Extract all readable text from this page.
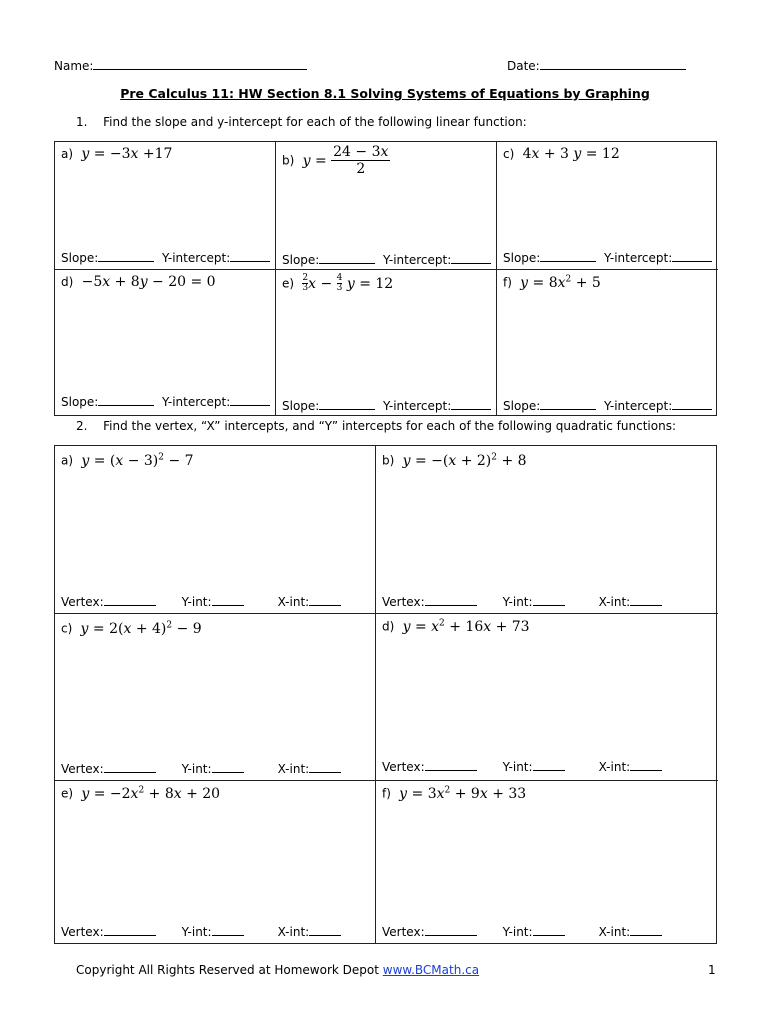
Name:	Date:
Pre Calculus 11: HW Section 8.1 Solving Systems of Equations by Graphing
1. Find the slope and y-intercept for each of the following linear function:
a)  y = −3x +17
Slope:	Y-intercept:
b)  $y = \frac{24 - 3x}{2}$
Slope:	Y-intercept:
c) 4x + 3 y = 12
Slope:	Y-intercept:
d) −5x + 8y − 20 = 0
Slope:	Y-intercept:
$e) \frac{2}{3}x - \frac{4}{3}$ y = 12
Slope:	Y-intercept:
f)  $y = 8x^2 + 5$
Slope:	Y-intercept:
2. Find the vertex, “X” intercepts, and “Y” intercepts for each of the following quadratic functions:
a)  $y = (x - 3)^2 - 7$
Vertex:	Y-int:	X-int:
b)  $y = -(x + 2)^2 + 8$
Vertex:	Y-int:	X-int:
c)  $y = 2(x + 4)^2 - 9$
Vertex:	Y-int:	X-int:
d)  $y = x^2 + 16x + 73$
Vertex:	Y-int:	X-int:
e)  $y = -2x^2 + 8x + 20$
Vertex:	Y-int:	X-int:
f)  $y = 3x^2 + 9x + 33$
Vertex:	Y-int:	X-int:
Copyright All Rights Reserved at Homework Depot www.BCMath.ca	1
